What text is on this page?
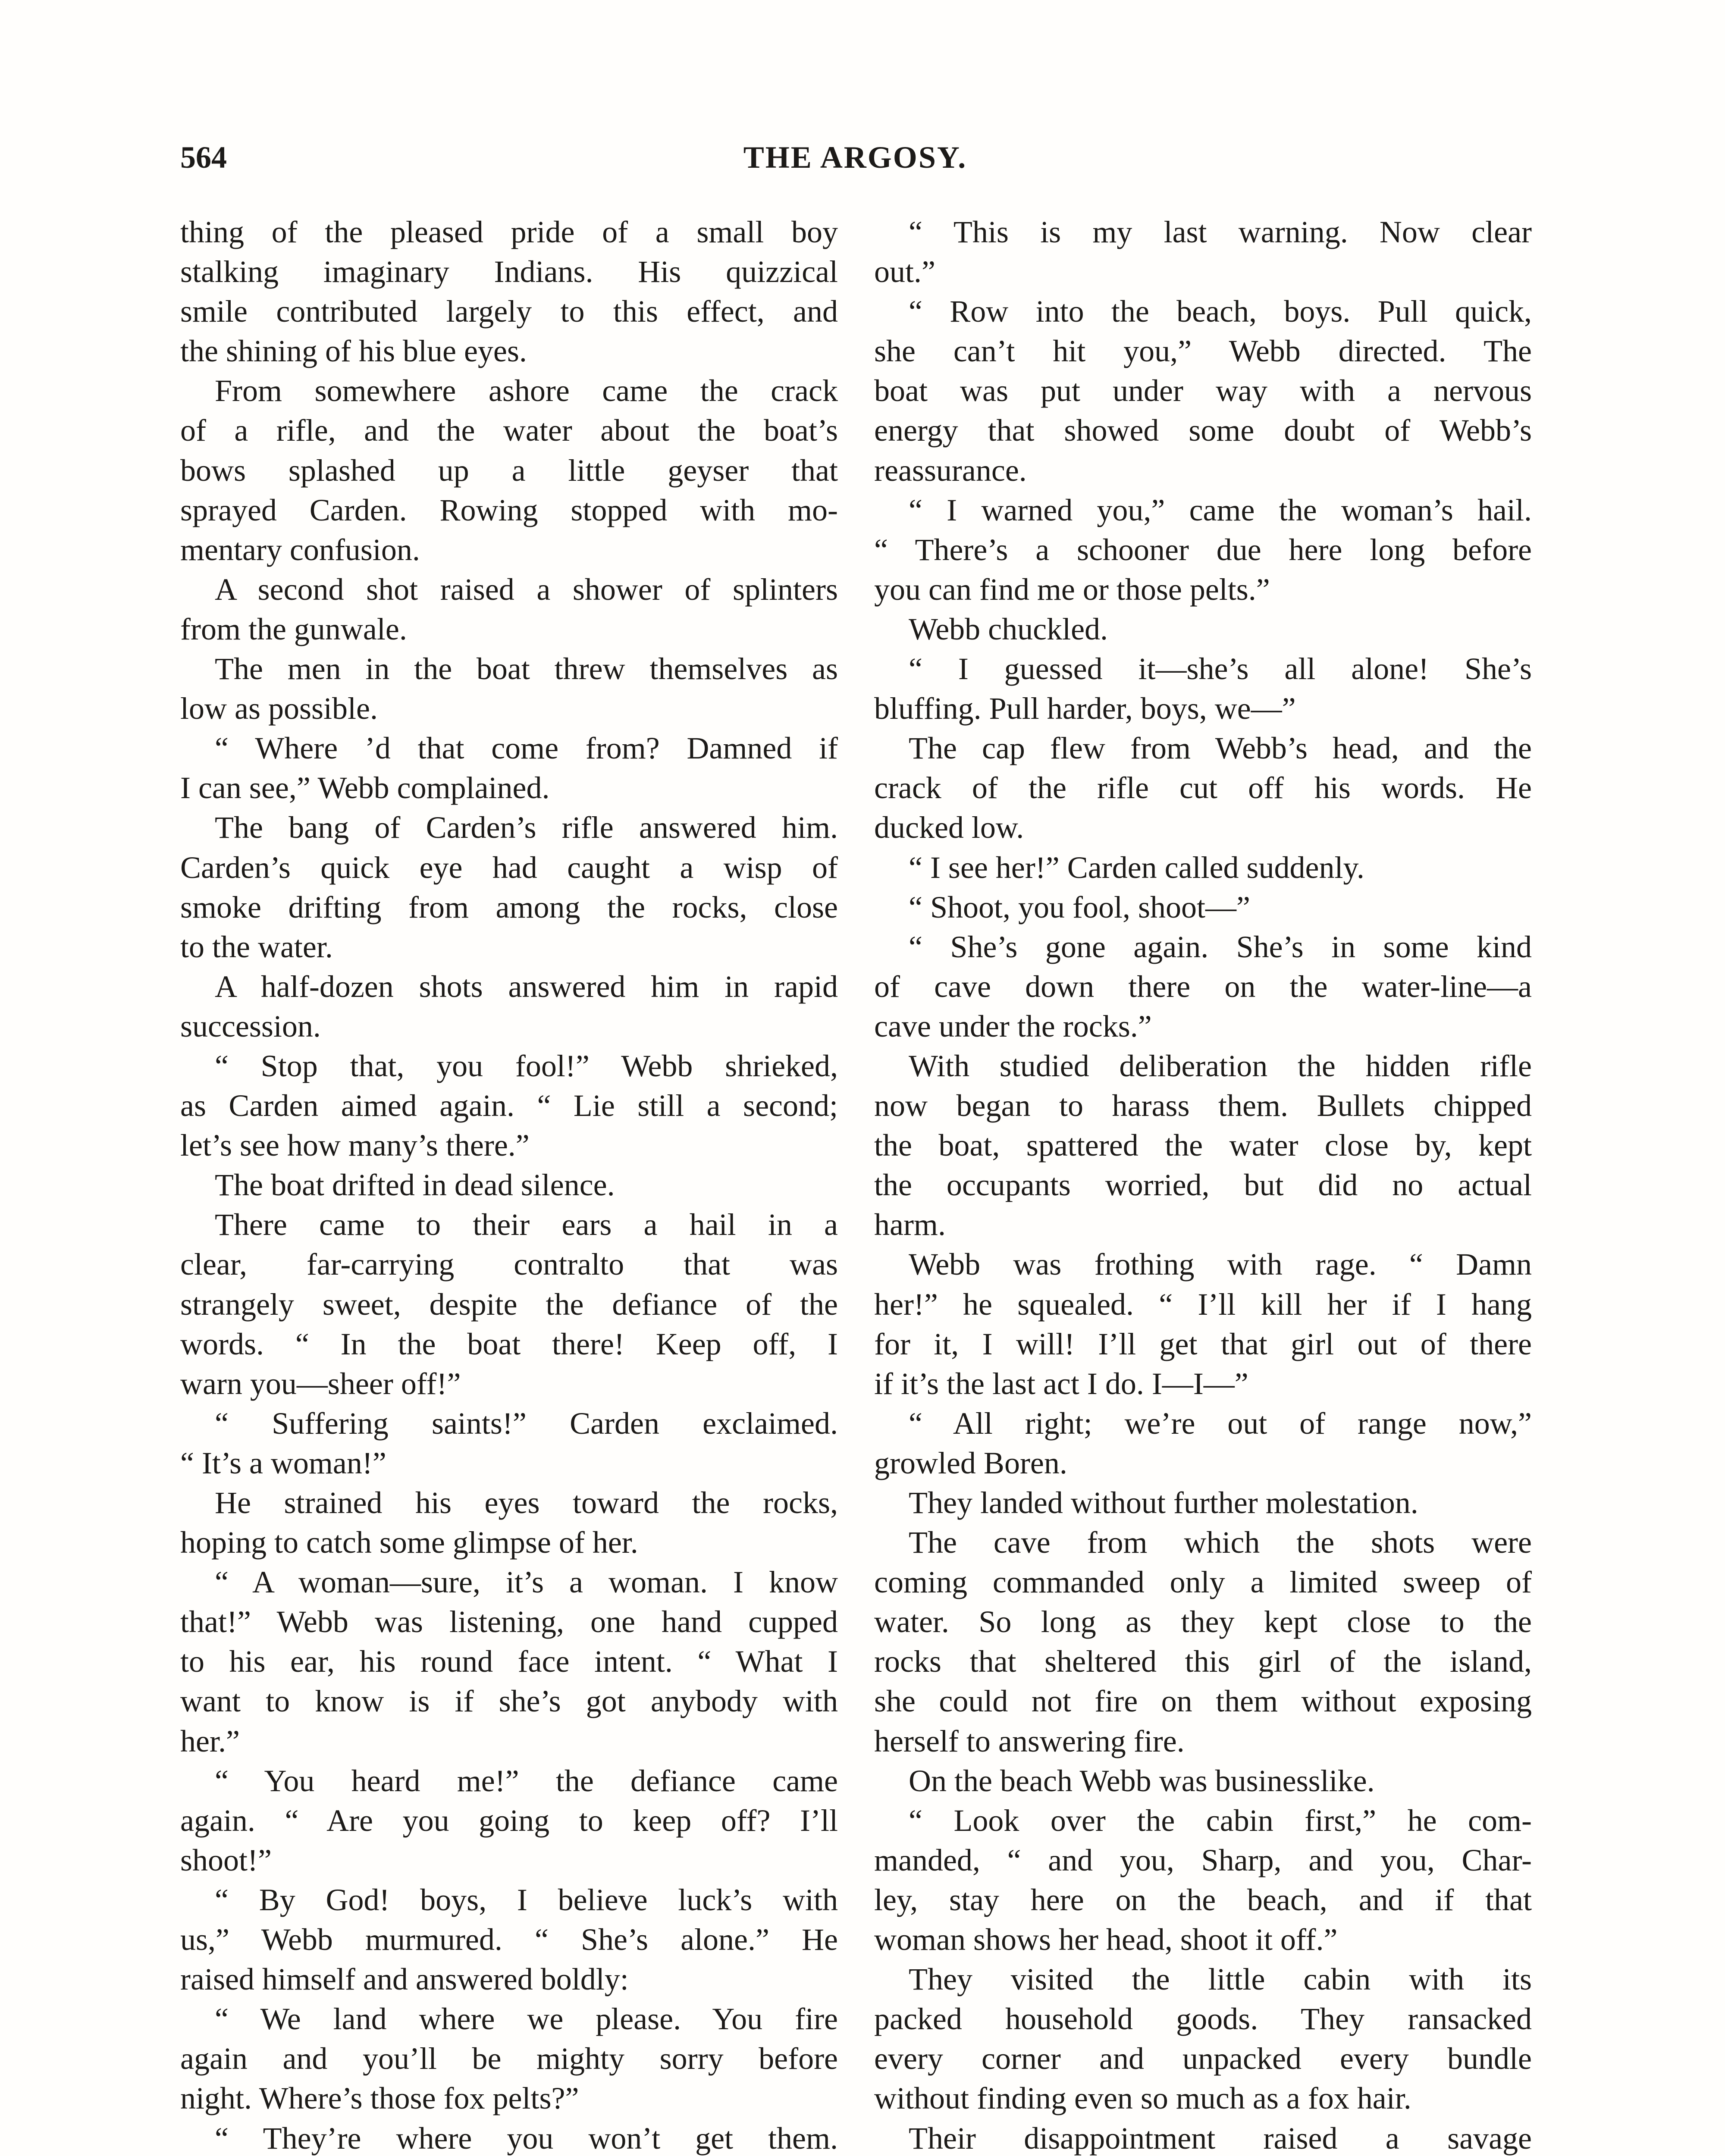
564	THE ARGOSY.
thing of the pleased pride of a small boy
stalking imaginary Indians. His quizzical
smile contributed largely to this effect, and
the shining of his blue eyes.
From somewhere ashore came the crack
of a rifle, and the water about the boat’s
bows splashed up a little geyser that
sprayed Carden. Rowing stopped with mo-
mentary confusion.
A second shot raised a shower of splinters
from the gunwale.
The men in the boat threw themselves as
low as possible.
“ Where ’d that come from? Damned if
I can see,” Webb complained.
The bang of Carden’s rifle answered him.
Carden’s quick eye had caught a wisp of
smoke drifting from among the rocks, close
to the water.
A half-dozen shots answered him in rapid
succession.
“ Stop that, you fool!” Webb shrieked,
as Carden aimed again. “ Lie still a second;
let’s see how many’s there.”
The boat drifted in dead silence.
There came to their ears a hail in a
clear, far-carrying contralto that was
strangely sweet, despite the defiance of the
words. “ In the boat there! Keep off, I
warn you—sheer off!”
“ Suffering saints!” Carden exclaimed.
“ It’s a woman!”
He strained his eyes toward the rocks,
hoping to catch some glimpse of her.
“ A woman—sure, it’s a woman. I know
that!” Webb was listening, one hand cupped
to his ear, his round face intent. “ What I
want to know is if she’s got anybody with
her.”
“ You heard me!” the defiance came
again. “ Are you going to keep off? I’ll
shoot!”
“ By God! boys, I believe luck’s with
us,” Webb murmured. “ She’s alone.” He
raised himself and answered boldly:
“ We land where we please. You fire
again and you’ll be mighty sorry before
night. Where’s those fox pelts?”
“ They’re where you won’t get them.
“ This is my last warning. Now clear
out.”
“ Row into the beach, boys. Pull quick,
she can’t hit you,” Webb directed. The
boat was put under way with a nervous
energy that showed some doubt of Webb’s
reassurance.
“ I warned you,” came the woman’s hail.
“ There’s a schooner due here long before
you can find me or those pelts.”
Webb chuckled.
“ I guessed it—she’s all alone! She’s
bluffing. Pull harder, boys, we—”
The cap flew from Webb’s head, and the
crack of the rifle cut off his words. He
ducked low.
“ I see her!” Carden called suddenly.
“ Shoot, you fool, shoot—”
“ She’s gone again. She’s in some kind
of cave down there on the water-line—a
cave under the rocks.”
With studied deliberation the hidden rifle
now began to harass them. Bullets chipped
the boat, spattered the water close by, kept
the occupants worried, but did no actual
harm.
Webb was frothing with rage. “ Damn
her!” he squealed. “ I’ll kill her if I hang
for it, I will! I’ll get that girl out of there
if it’s the last act I do. I—I—”
“ All right; we’re out of range now,”
growled Boren.
They landed without further molestation.
The cave from which the shots were
coming commanded only a limited sweep of
water. So long as they kept close to the
rocks that sheltered this girl of the island,
she could not fire on them without exposing
herself to answering fire.
On the beach Webb was businesslike.
“ Look over the cabin first,” he com-
manded, “ and you, Sharp, and you, Char-
ley, stay here on the beach, and if that
woman shows her head, shoot it off.”
They visited the little cabin with its
packed household goods. They ransacked
every corner and unpacked every bundle
without finding even so much as a fox hair.
Their disappointment raised a savage
